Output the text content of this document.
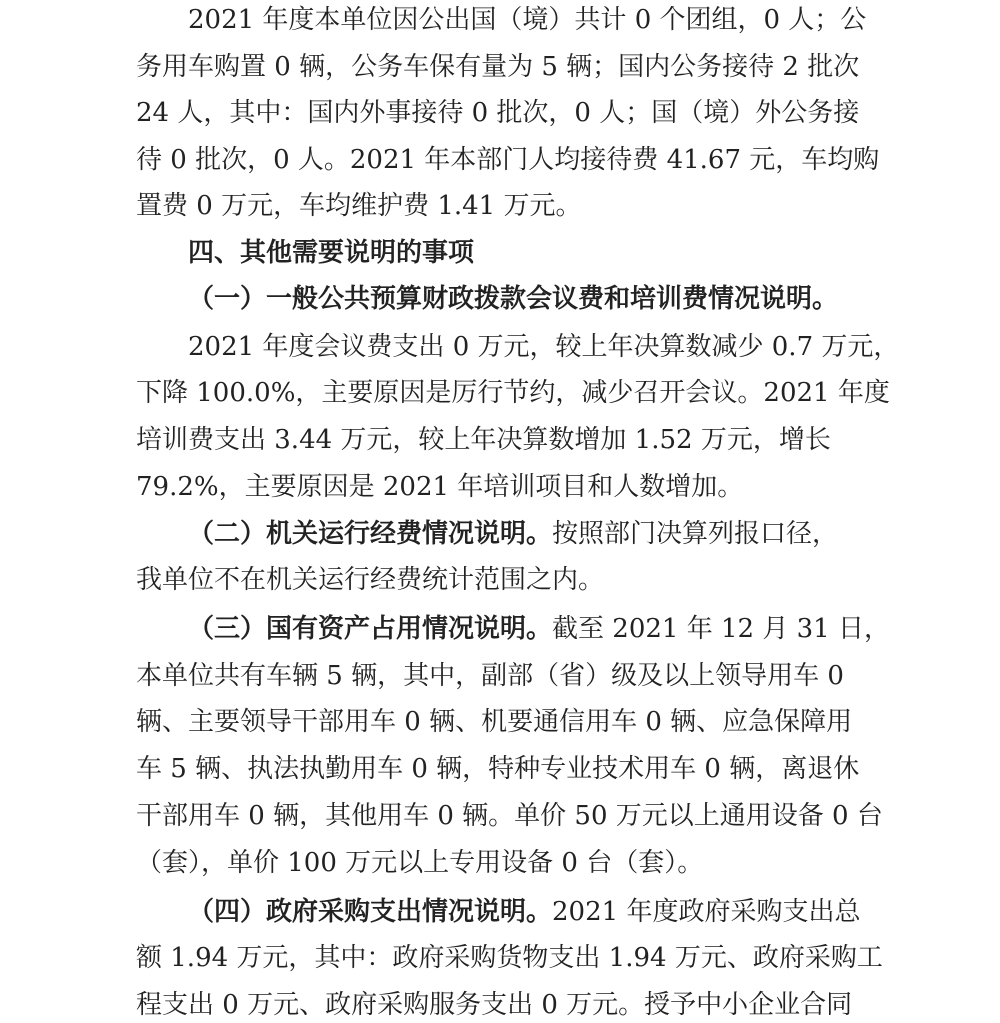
2021 年度本单位因公出国（境）共计 0 个团组，0 人；公
务用车购置 0 辆，公务车保有量为 5 辆；国内公务接待 2 批次
24 人，其中：国内外事接待 0 批次，0 人；国（境）外公务接
待 0 批次，0 人。2021 年本部门人均接待费 41.67 元，车均购
置费 0 万元，车均维护费 1.41 万元。
四、其他需要说明的事项
（一）一般公共预算财政拨款会议费和培训费情况说明。
2021 年度会议费支出 0 万元，较上年决算数减少 0.7 万元，
下降 100.0%，主要原因是厉行节约，减少召开会议。2021 年度
培训费支出 3.44 万元，较上年决算数增加 1.52 万元，增长
79.2%，主要原因是 2021 年培训项目和人数增加。
（二）机关运行经费情况说明。按照部门决算列报口径，
我单位不在机关运行经费统计范围之内。
（三）国有资产占用情况说明。截至 2021 年 12 月 31 日，
本单位共有车辆 5 辆，其中，副部（省）级及以上领导用车 0
辆、主要领导干部用车 0 辆、机要通信用车 0 辆、应急保障用
车 5 辆、执法执勤用车 0 辆，特种专业技术用车 0 辆，离退休
干部用车 0 辆，其他用车 0 辆。单价 50 万元以上通用设备 0 台
（套），单价 100 万元以上专用设备 0 台（套）。
（四）政府采购支出情况说明。2021 年度政府采购支出总
额 1.94 万元，其中：政府采购货物支出 1.94 万元、政府采购工
程支出 0 万元、政府采购服务支出 0 万元。授予中小企业合同
